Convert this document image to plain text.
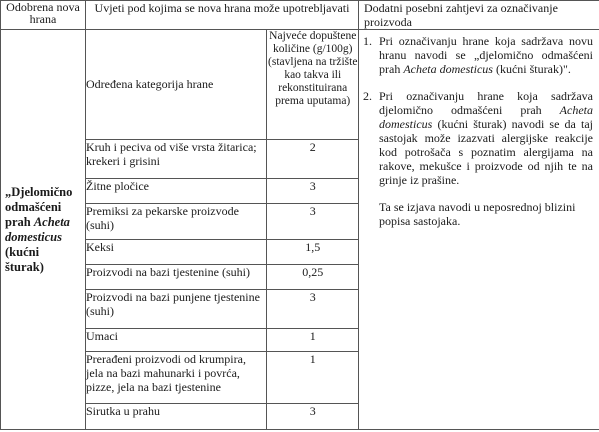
Odobrena nova hrana	Uvjeti pod kojima se nova hrana može upotrebljavati	Dodatni posebni zahtjevi za označivanje proizvoda
„Djelomično odmašćeni prah Acheta domesticus (kućni šturak)	
Određena kategorija hrane	Najveće dopuštene količine (g/100g) (stavljena na tržište kao takva ili rekonstituirana prema uputama)
Kruh i peciva od više vrsta žitarica; krekeri i grisini	2
Žitne pločice	3
Premiksi za pekarske proizvode (suhi)	3
Keksi	1,5
Proizvodi na bazi tjestenine (suhi)	0,25
Proizvodi na bazi punjene tjestenine (suhi)	3
Umaci	1
Prerađeni proizvodi od krumpira, jela na bazi mahunarki i povrća, pizze, jela na bazi tjestenine	1
Sirutka u prahu	3

1. Pri označivanju hrane koja sadržava novu hranu navodi se „djelomično odmašćeni prah Acheta domesticus (kućni šturak)".
2. Pri označivanju hrane koja sadržava djelomično odmašćeni prah Acheta domesticus (kućni šturak) navodi se da taj sastojak može izazvati alergijske reakcije kod potrošača s poznatim alergijama na rakove, mekušce i proizvode od njih te na grinje iz prašine.
Ta se izjava navodi u neposrednoj blizini popisa sastojaka.
